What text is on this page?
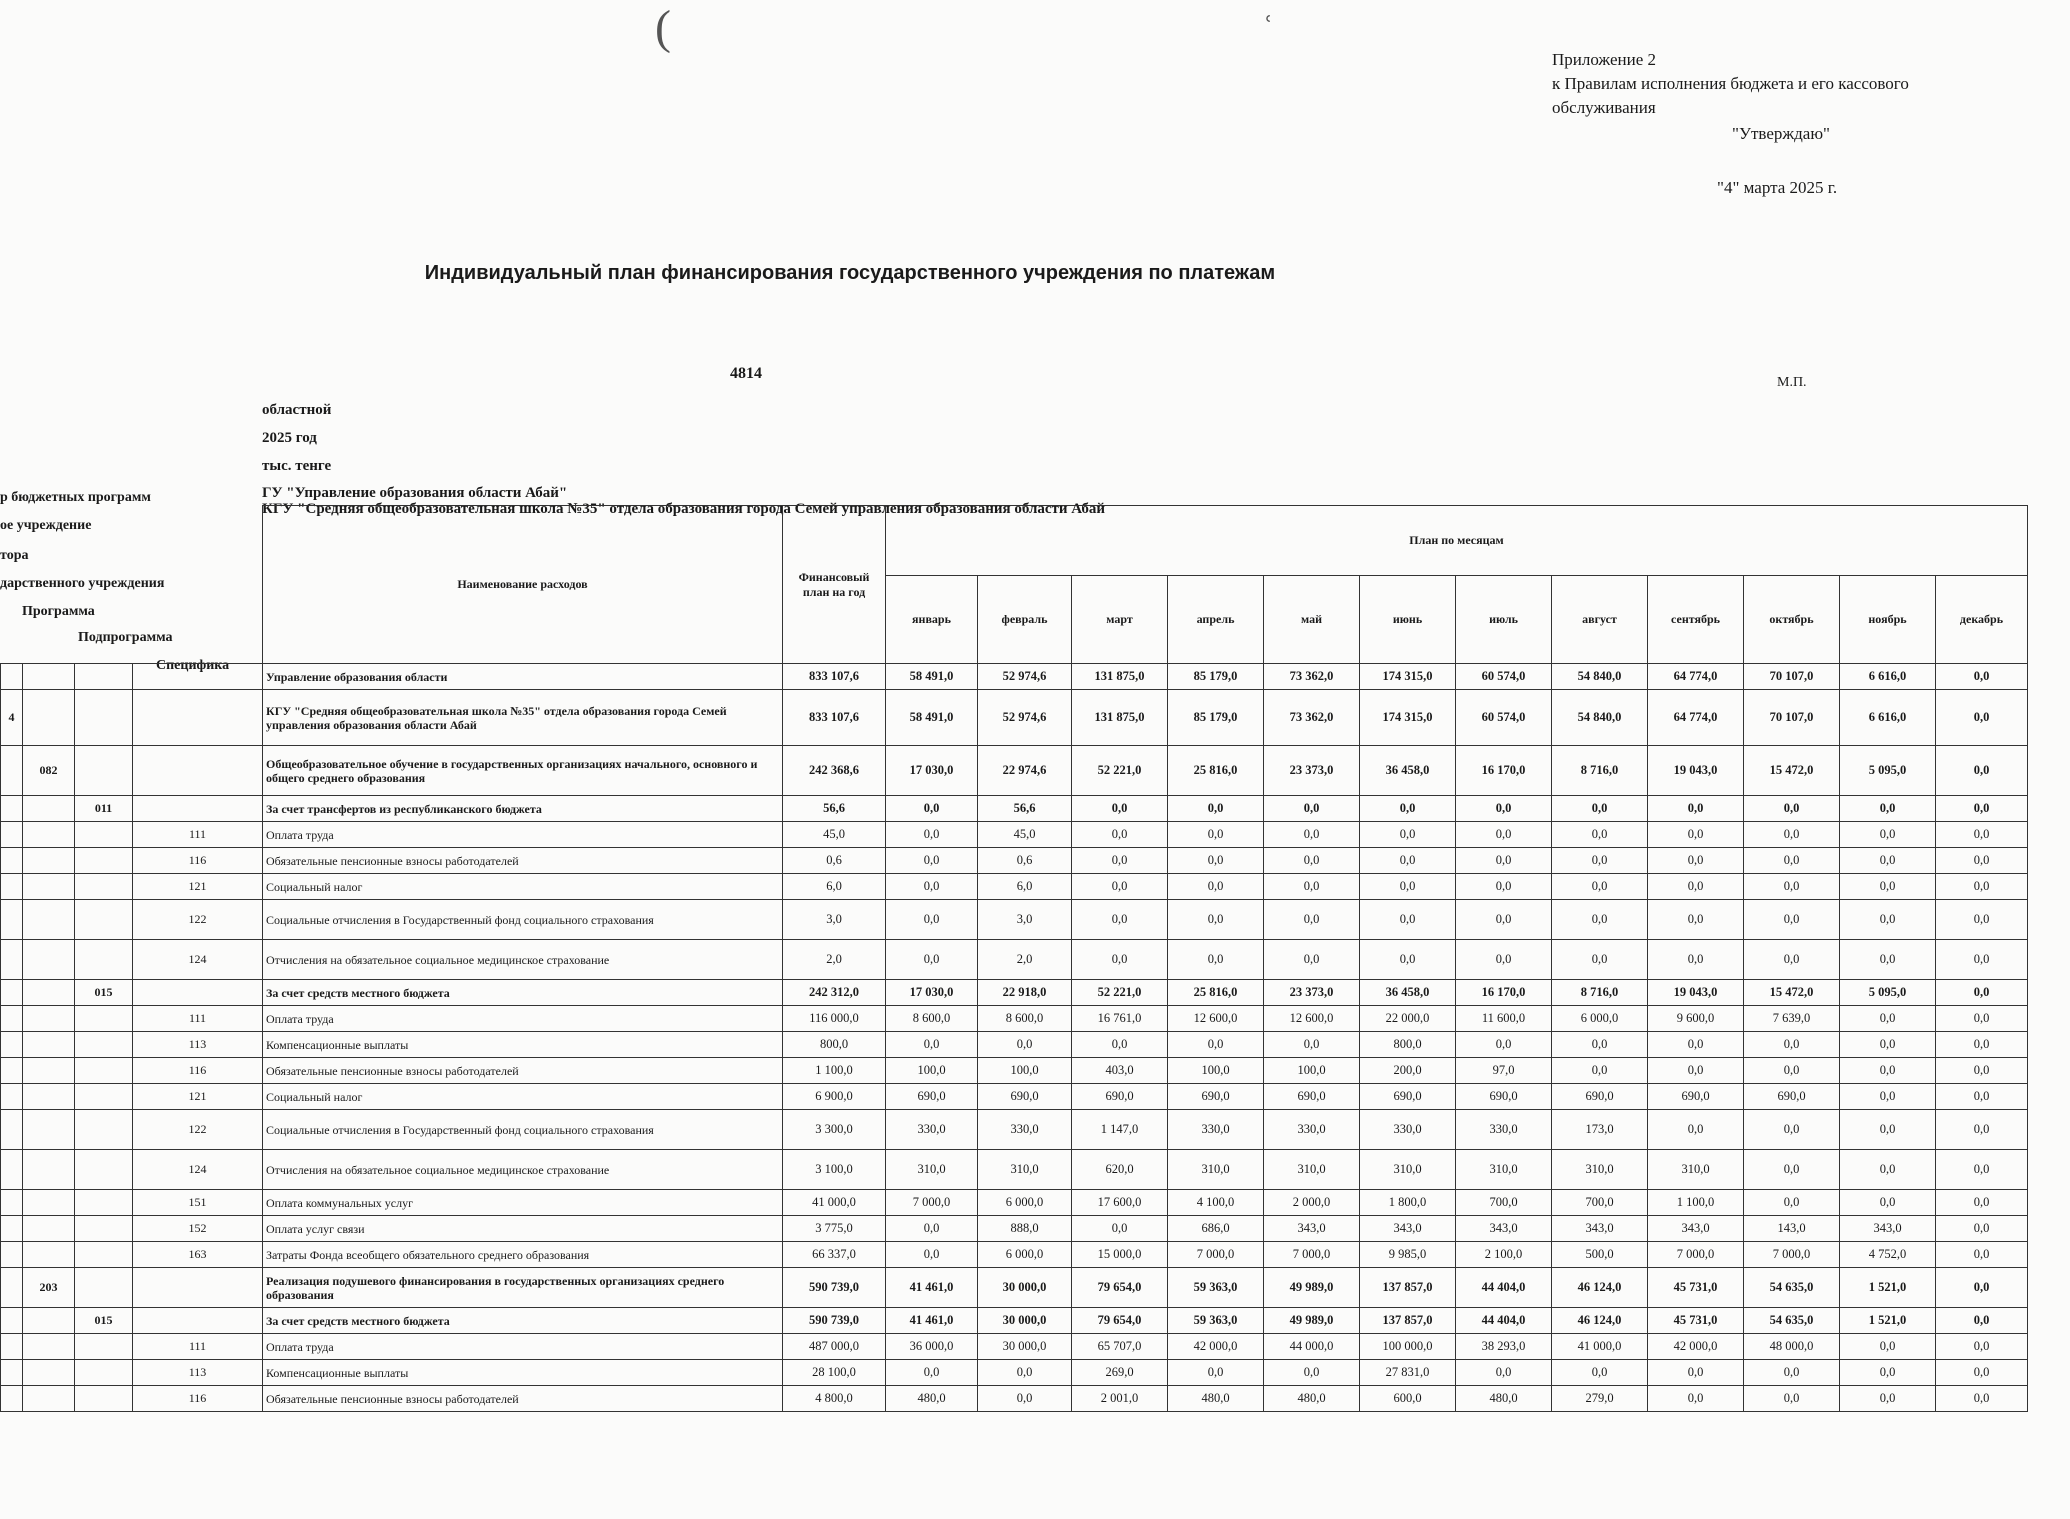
(	ʿ
Приложение 2
к Правилам исполнения бюджета и его кассового
обслуживания
"Утверждаю"
"4" марта 2025 г.
Индивидуальный план финансирования государственного учреждения по платежам
4814
М.П.
областной
2025 год
тыс. тенге
ГУ "Управление образования области Абай"
КГУ "Средняя общеобразовательная школа №35" отдела образования города Семей управления образования области Абай
р бюджетных программ
ое учреждение
тора
дарственного учреждения
Программа
Подпрограмма
Специфика
				Наименование расходов	Финансовый план на год	План по месяцам											
						январь	февраль	март	апрель	май	июнь	июль	август	сентябрь	октябрь	ноябрь	декабрь
				Управление образования области	833 107,6	58 491,0	52 974,6	131 875,0	85 179,0	73 362,0	174 315,0	60 574,0	54 840,0	64 774,0	70 107,0	6 616,0	0,0
4				КГУ "Средняя общеобразовательная школа №35" отдела образования города Семей управления образования области Абай	833 107,6	58 491,0	52 974,6	131 875,0	85 179,0	73 362,0	174 315,0	60 574,0	54 840,0	64 774,0	70 107,0	6 616,0	0,0
	082			Общеобразовательное обучение в государственных организациях начального, основного и общего среднего образования	242 368,6	17 030,0	22 974,6	52 221,0	25 816,0	23 373,0	36 458,0	16 170,0	8 716,0	19 043,0	15 472,0	5 095,0	0,0
		011		За счет трансфертов из республиканского бюджета	56,6	0,0	56,6	0,0	0,0	0,0	0,0	0,0	0,0	0,0	0,0	0,0	0,0
			111	Оплата труда	45,0	0,0	45,0	0,0	0,0	0,0	0,0	0,0	0,0	0,0	0,0	0,0	0,0
			116	Обязательные пенсионные взносы работодателей	0,6	0,0	0,6	0,0	0,0	0,0	0,0	0,0	0,0	0,0	0,0	0,0	0,0
			121	Социальный налог	6,0	0,0	6,0	0,0	0,0	0,0	0,0	0,0	0,0	0,0	0,0	0,0	0,0
			122	Социальные отчисления в Государственный фонд социального страхования	3,0	0,0	3,0	0,0	0,0	0,0	0,0	0,0	0,0	0,0	0,0	0,0	0,0
			124	Отчисления на обязательное социальное медицинское страхование	2,0	0,0	2,0	0,0	0,0	0,0	0,0	0,0	0,0	0,0	0,0	0,0	0,0
		015		За счет средств местного бюджета	242 312,0	17 030,0	22 918,0	52 221,0	25 816,0	23 373,0	36 458,0	16 170,0	8 716,0	19 043,0	15 472,0	5 095,0	0,0
			111	Оплата труда	116 000,0	8 600,0	8 600,0	16 761,0	12 600,0	12 600,0	22 000,0	11 600,0	6 000,0	9 600,0	7 639,0	0,0	0,0
			113	Компенсационные выплаты	800,0	0,0	0,0	0,0	0,0	0,0	800,0	0,0	0,0	0,0	0,0	0,0	0,0
			116	Обязательные пенсионные взносы работодателей	1 100,0	100,0	100,0	403,0	100,0	100,0	200,0	97,0	0,0	0,0	0,0	0,0	0,0
			121	Социальный налог	6 900,0	690,0	690,0	690,0	690,0	690,0	690,0	690,0	690,0	690,0	690,0	0,0	0,0
			122	Социальные отчисления в Государственный фонд социального страхования	3 300,0	330,0	330,0	1 147,0	330,0	330,0	330,0	330,0	173,0	0,0	0,0	0,0	0,0
			124	Отчисления на обязательное социальное медицинское страхование	3 100,0	310,0	310,0	620,0	310,0	310,0	310,0	310,0	310,0	310,0	0,0	0,0	0,0
			151	Оплата коммунальных услуг	41 000,0	7 000,0	6 000,0	17 600,0	4 100,0	2 000,0	1 800,0	700,0	700,0	1 100,0	0,0	0,0	0,0
			152	Оплата услуг связи	3 775,0	0,0	888,0	0,0	686,0	343,0	343,0	343,0	343,0	343,0	143,0	343,0	0,0
			163	Затраты Фонда всеобщего обязательного среднего образования	66 337,0	0,0	6 000,0	15 000,0	7 000,0	7 000,0	9 985,0	2 100,0	500,0	7 000,0	7 000,0	4 752,0	0,0
	203			Реализация подушевого финансирования в государственных организациях среднего образования	590 739,0	41 461,0	30 000,0	79 654,0	59 363,0	49 989,0	137 857,0	44 404,0	46 124,0	45 731,0	54 635,0	1 521,0	0,0
		015		За счет средств местного бюджета	590 739,0	41 461,0	30 000,0	79 654,0	59 363,0	49 989,0	137 857,0	44 404,0	46 124,0	45 731,0	54 635,0	1 521,0	0,0
			111	Оплата труда	487 000,0	36 000,0	30 000,0	65 707,0	42 000,0	44 000,0	100 000,0	38 293,0	41 000,0	42 000,0	48 000,0	0,0	0,0
			113	Компенсационные выплаты	28 100,0	0,0	0,0	269,0	0,0	0,0	27 831,0	0,0	0,0	0,0	0,0	0,0	0,0
			116	Обязательные пенсионные взносы работодателей	4 800,0	480,0	0,0	2 001,0	480,0	480,0	600,0	480,0	279,0	0,0	0,0	0,0	0,0
